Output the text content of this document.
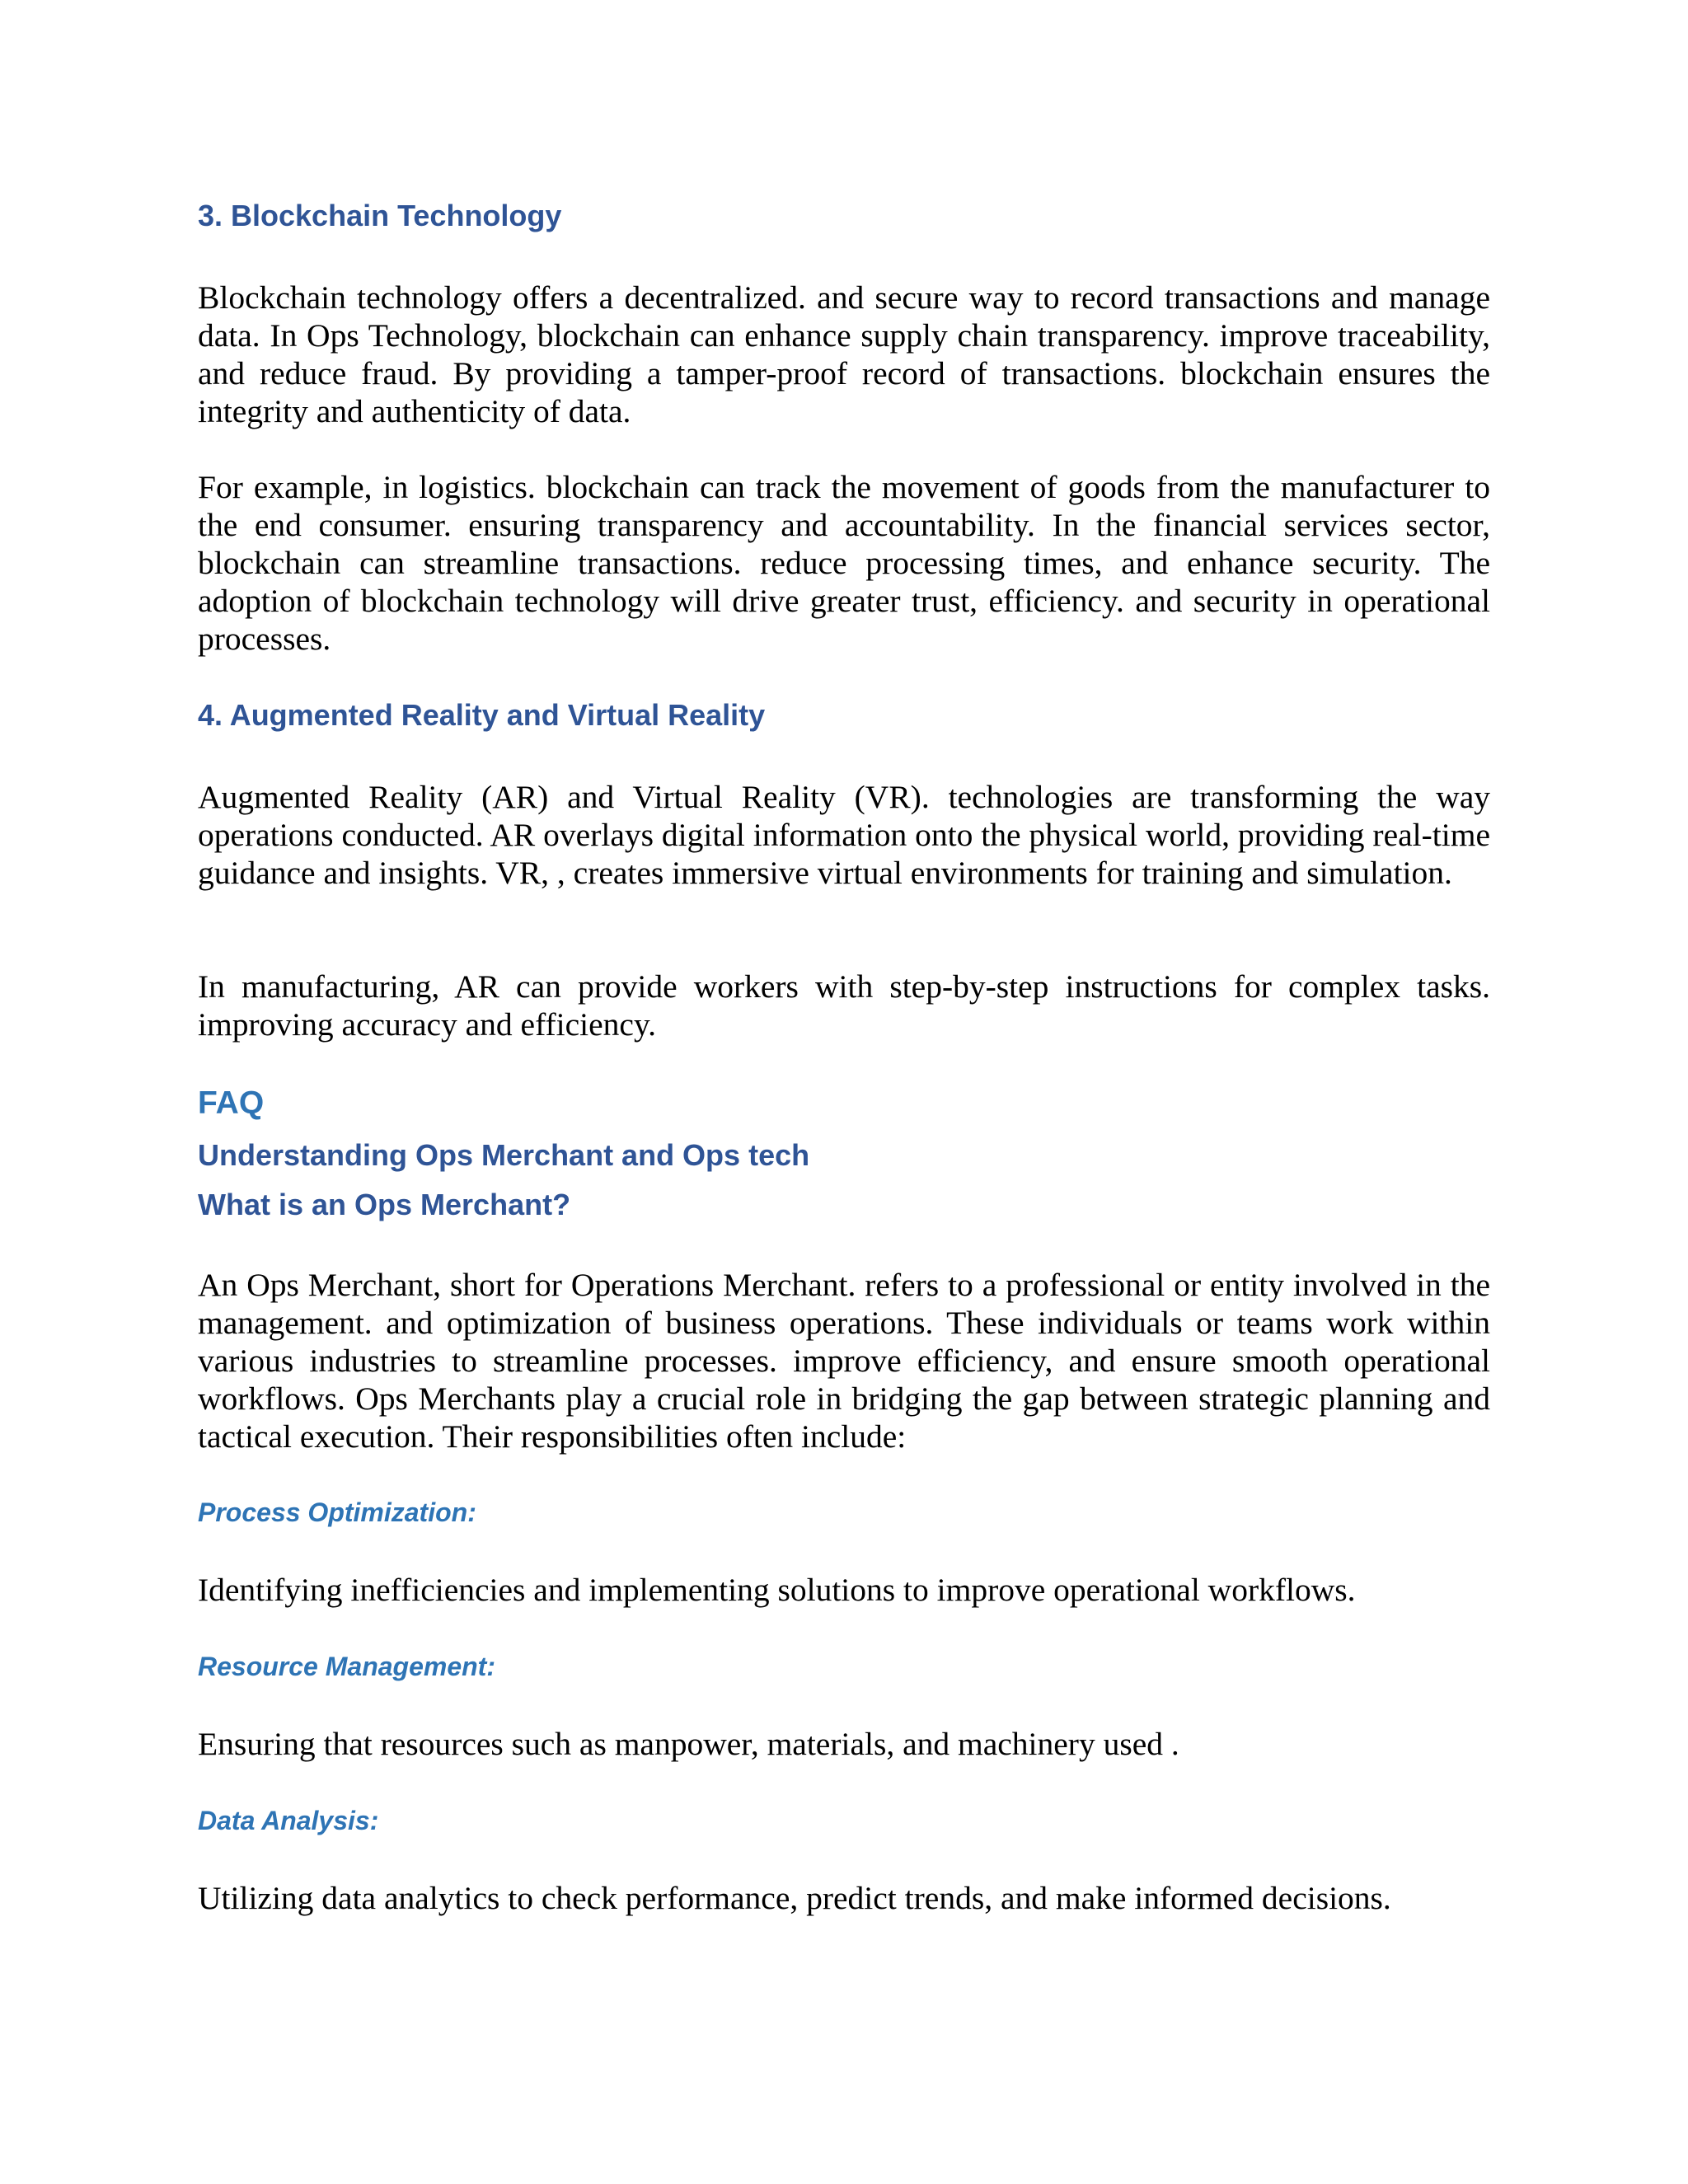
3. Blockchain Technology

Blockchain technology offers a decentralized. and secure way to record transactions and manage data. In Ops Technology, blockchain can enhance supply chain transparency. improve traceability, and reduce fraud. By providing a tamper-proof record of transactions. blockchain ensures the integrity and authenticity of data.

For example, in logistics. blockchain can track the movement of goods from the manufacturer to the end consumer. ensuring transparency and accountability. In the financial services sector, blockchain can streamline transactions. reduce processing times, and enhance security. The adoption of blockchain technology will drive greater trust, efficiency. and security in operational processes.

4. Augmented Reality and Virtual Reality

Augmented Reality (AR) and Virtual Reality (VR). technologies are transforming the way operations conducted. AR overlays digital information onto the physical world, providing real-time guidance and insights. VR, , creates immersive virtual environments for training and simulation.

In manufacturing, AR can provide workers with step-by-step instructions for complex tasks. improving accuracy and efficiency.

FAQ
Understanding Ops Merchant and Ops tech
What is an Ops Merchant?

An Ops Merchant, short for Operations Merchant. refers to a professional or entity involved in the management. and optimization of business operations. These individuals or teams work within various industries to streamline processes. improve efficiency, and ensure smooth operational workflows. Ops Merchants play a crucial role in bridging the gap between strategic planning and tactical execution. Their responsibilities often include:

Process Optimization:

Identifying inefficiencies and implementing solutions to improve operational workflows.

Resource Management:

Ensuring that resources such as manpower, materials, and machinery used .

Data Analysis:

Utilizing data analytics to check performance, predict trends, and make informed decisions.
